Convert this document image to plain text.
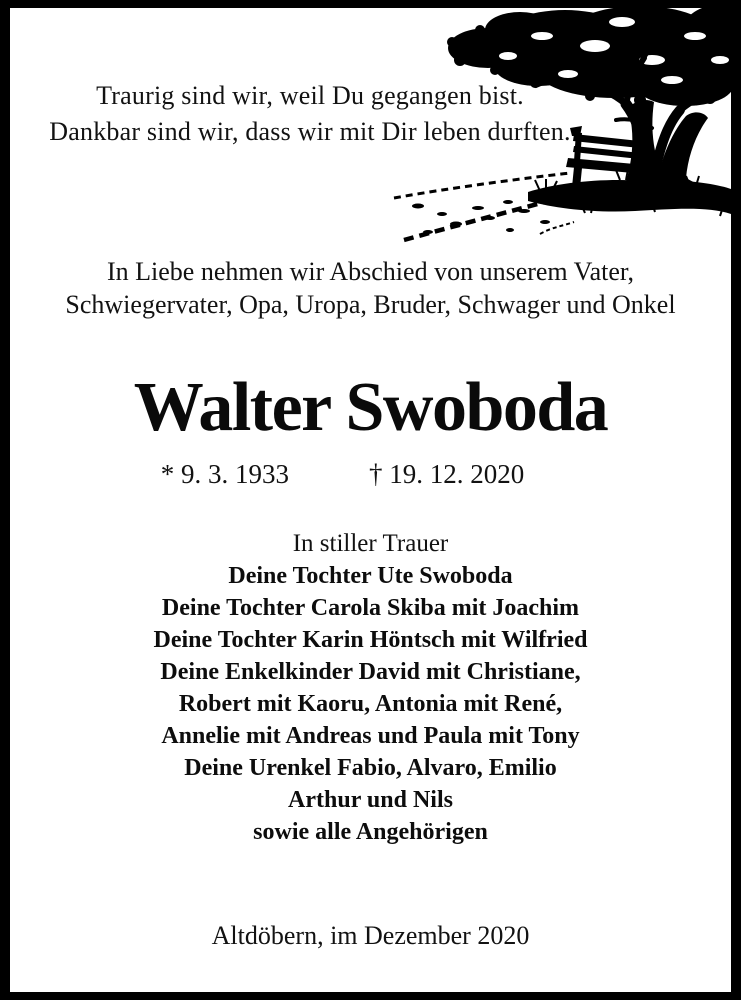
Traurig sind wir, weil Du gegangen bist.
Dankbar sind wir, dass wir mit Dir leben durften.
In Liebe nehmen wir Abschied von unserem Vater,
Schwiegervater, Opa, Uropa, Bruder, Schwager und Onkel
Walter Swoboda
* 9. 3. 1933	† 19. 12. 2020
In stiller Trauer
Deine Tochter Ute Swoboda
Deine Tochter Carola Skiba mit Joachim
Deine Tochter Karin Höntsch mit Wilfried
Deine Enkelkinder David mit Christiane,
Robert mit Kaoru, Antonia mit René,
Annelie mit Andreas und Paula mit Tony
Deine Urenkel Fabio, Alvaro, Emilio
Arthur und Nils
sowie alle Angehörigen
Altdöbern, im Dezember 2020
